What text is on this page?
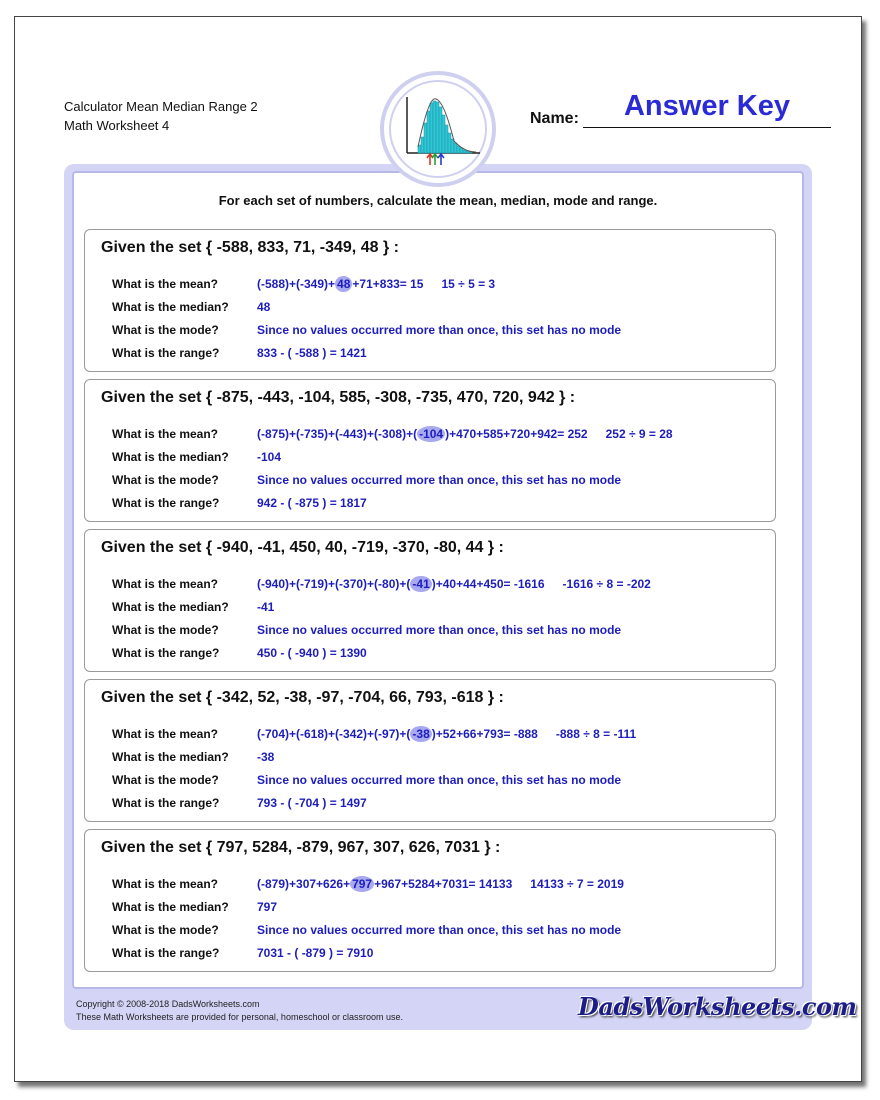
Calculator Mean Median Range 2
Math Worksheet 4
Answer Key
Name:
For each set of numbers, calculate the mean, median, mode and range.
Given the set { -588, 833, 71, -349, 48 } :
What is the mean?	(-588)+(-349)+ 48 +71+833= 15 15 ÷ 5 = 3
What is the median? 48
What is the mode?	Since no values occurred more than once, this set has no mode
What is the range?	833 - ( -588 ) = 1421
Given the set { -875, -443, -104, 585, -308, -735, 470, 720, 942 } :
What is the mean?	(-875)+(-735)+(-443)+(-308)+( -104 )+470+585+720+942= 252 252 ÷ 9 = 28
What is the median? -104
What is the mode?	Since no values occurred more than once, this set has no mode
What is the range?	942 - ( -875 ) = 1817
Given the set { -940, -41, 450, 40, -719, -370, -80, 44 } :
What is the mean?	(-940)+(-719)+(-370)+(-80)+( -41 )+40+44+450= -1616 -1616 ÷ 8 = -202
What is the median? -41
What is the mode?	Since no values occurred more than once, this set has no mode
What is the range?	450 - ( -940 ) = 1390
Given the set { -342, 52, -38, -97, -704, 66, 793, -618 } :
What is the mean?	(-704)+(-618)+(-342)+(-97)+( -38 )+52+66+793= -888 -888 ÷ 8 = -111
What is the median? -38
What is the mode?	Since no values occurred more than once, this set has no mode
What is the range?	793 - ( -704 ) = 1497
Given the set { 797, 5284, -879, 967, 307, 626, 7031 } :
What is the mean?	(-879)+307+626+ 797 +967+5284+7031= 14133 14133 ÷ 7 = 2019
What is the median? 797
What is the mode?	Since no values occurred more than once, this set has no mode
What is the range?	7031 - ( -879 ) = 7910
Copyright © 2008-2018 DadsWorksheets.com
These Math Worksheets are provided for personal, homeschool or classroom use.	DadsWorksheets.com
